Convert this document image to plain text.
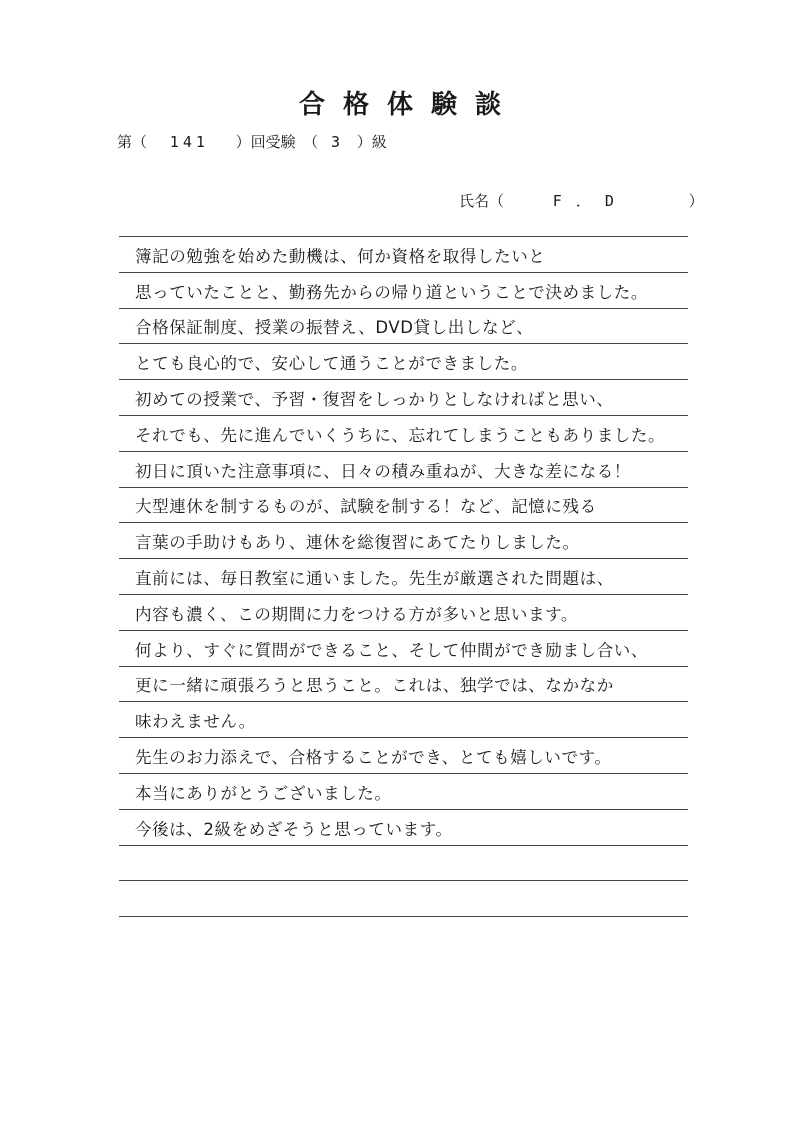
合格体験談
第（ 141 ）回受験　（ 3 ）級
氏名（	F．D	）
簿記の勉強を始めた動機は、何か資格を取得したいと
思っていたことと、勤務先からの帰り道ということで決めました。
合格保証制度、授業の振替え、DVD貸し出しなど、
とても良心的で、安心して通うことができました。
初めての授業で、予習・復習をしっかりとしなければと思い、
それでも、先に進んでいくうちに、忘れてしまうこともありました。
初日に頂いた注意事項に、日々の積み重ねが、大きな差になる！
大型連休を制するものが、試験を制する！など、記憶に残る
言葉の手助けもあり、連休を総復習にあてたりしました。
直前には、毎日教室に通いました。先生が厳選された問題は、
内容も濃く、この期間に力をつける方が多いと思います。
何より、すぐに質問ができること、そして仲間ができ励まし合い、
更に一緒に頑張ろうと思うこと。これは、独学では、なかなか
味わえません。
先生のお力添えで、合格することができ、とても嬉しいです。
本当にありがとうございました。
今後は、2級をめざそうと思っています。
